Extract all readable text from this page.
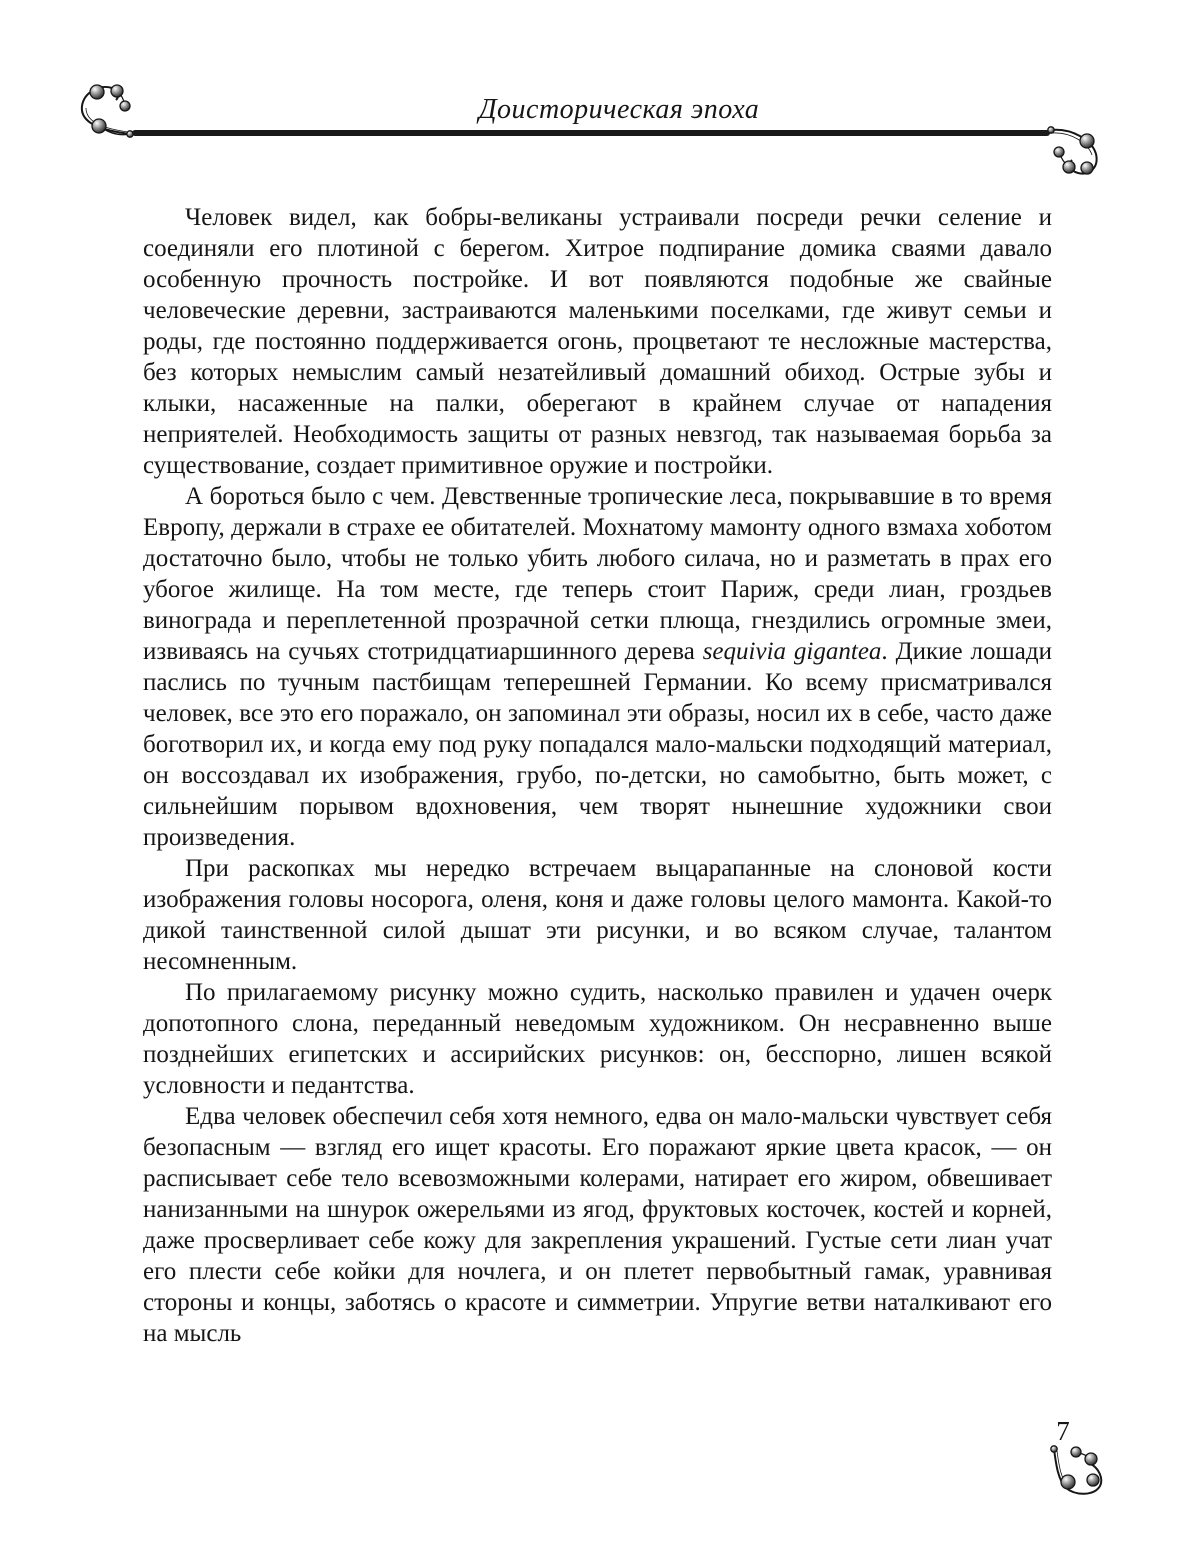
Доисторическая эпоха

Человек видел, как бобры-великаны устраивали посреди речки селение и соединяли его плотиной с берегом. Хитрое подпирание домика сваями давало особенную прочность постройке. И вот появляются подобные же свайные человеческие деревни, застраиваются маленькими поселками, где живут семьи и роды, где постоянно поддерживается огонь, процветают те несложные мастерства, без которых немыслим самый незатейливый домашний обиход. Острые зубы и клыки, насаженные на палки, оберегают в крайнем случае от нападения неприятелей. Необходимость защиты от разных невзгод, так называемая борьба за существование, создает примитивное оружие и постройки.

А бороться было с чем. Девственные тропические леса, покрывавшие в то время Европу, держали в страхе ее обитателей. Мохнатому мамонту одного взмаха хоботом достаточно было, чтобы не только убить любого силача, но и разметать в прах его убогое жилище. На том месте, где теперь стоит Париж, среди лиан, гроздьев винограда и переплетенной прозрачной сетки плюща, гнездились огромные змеи, извиваясь на сучьях стотридцатиаршинного дерева sequivia gigantea. Дикие лошади паслись по тучным пастбищам теперешней Германии. Ко всему присматривался человек, все это его поражало, он запоминал эти образы, носил их в себе, часто даже боготворил их, и когда ему под руку попадался мало-мальски подходящий материал, он воссоздавал их изображения, грубо, по-детски, но самобытно, быть может, с сильнейшим порывом вдохновения, чем творят нынешние художники свои произведения.

При раскопках мы нередко встречаем выцарапанные на слоновой кости изображения головы носорога, оленя, коня и даже головы целого мамонта. Какой-то дикой таинственной силой дышат эти рисунки, и во всяком случае, талантом несомненным.

По прилагаемому рисунку можно судить, насколько правилен и удачен очерк допотопного слона, переданный неведомым художником. Он несравненно выше позднейших египетских и ассирийских рисунков: он, бесспорно, лишен всякой условности и педантства.

Едва человек обеспечил себя хотя немного, едва он мало-мальски чувствует себя безопасным — взгляд его ищет красоты. Его поражают яркие цвета красок, — он расписывает себе тело всевозможными колерами, натирает его жиром, обвешивает нанизанными на шнурок ожерельями из ягод, фруктовых косточек, костей и корней, даже просверливает себе кожу для закрепления украшений. Густые сети лиан учат его плести себе койки для ночлега, и он плетет первобытный гамак, уравнивая стороны и концы, заботясь о красоте и симметрии. Упругие ветви наталкивают его на мысль

7
